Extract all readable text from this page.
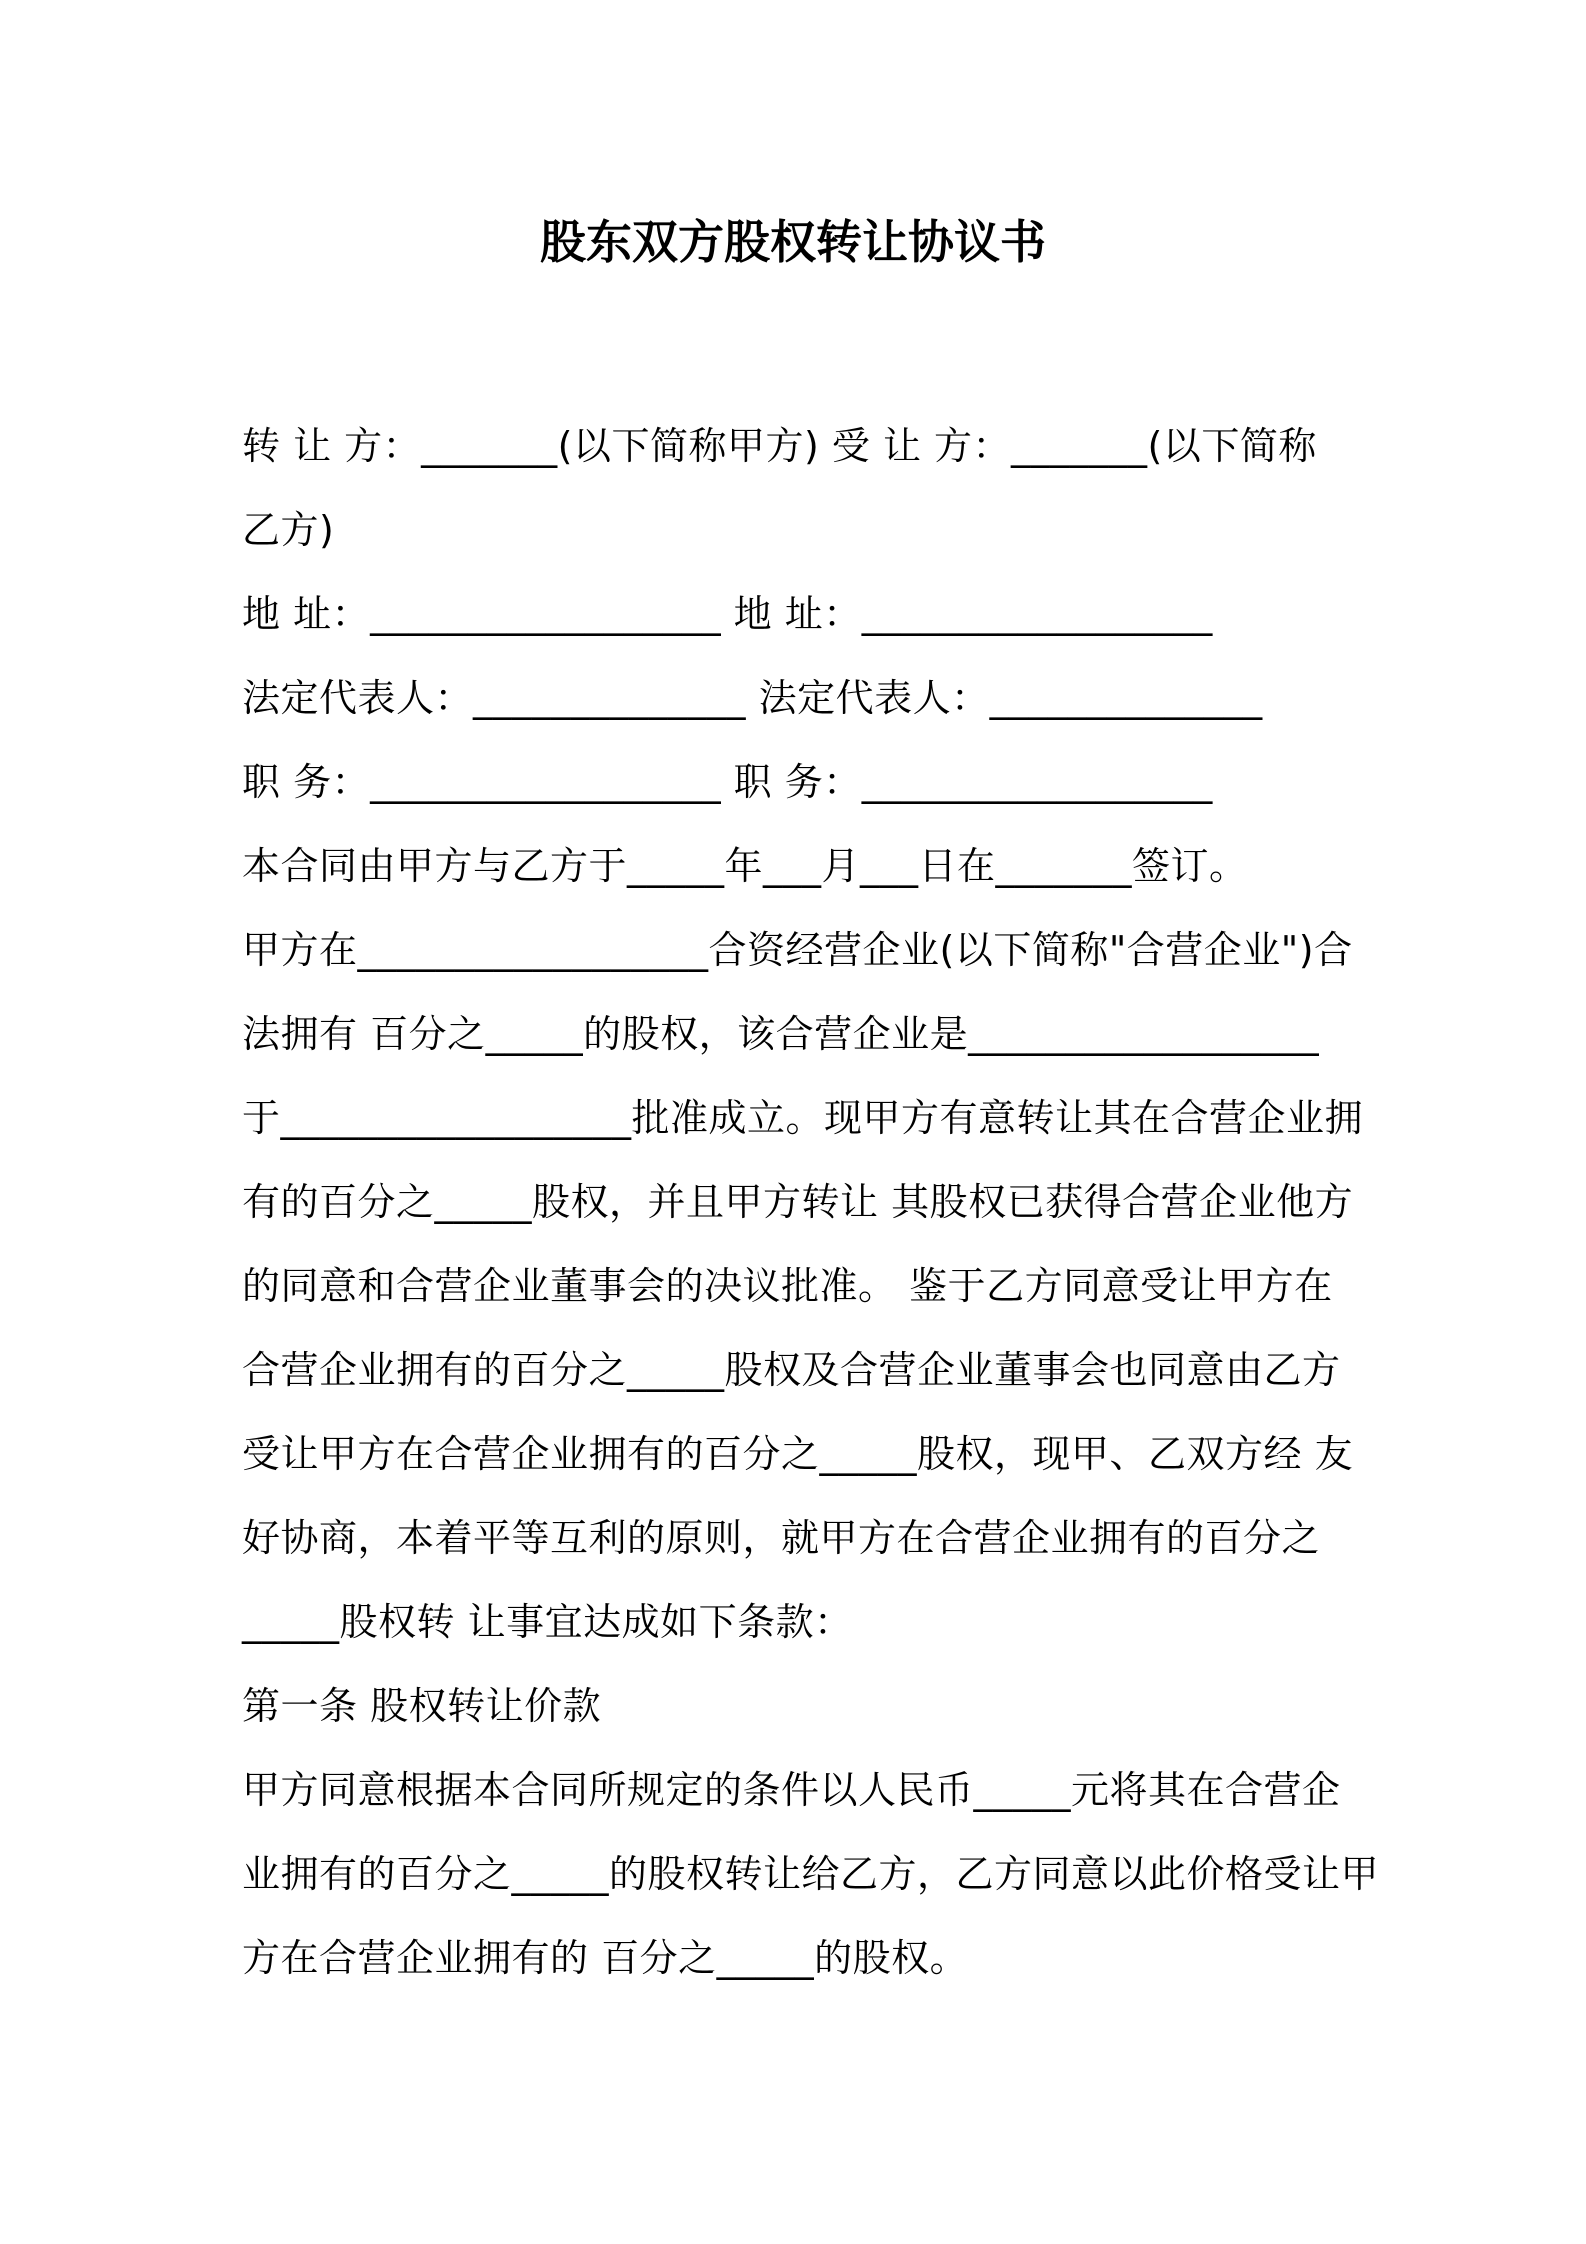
股东双方股权转让协议书
转 让 方：_______(以下简称甲方) 受 让 方：_______(以下简称
乙方)
地 址：__________________ 地 址：__________________
法定代表人：______________ 法定代表人：______________
职 务：__________________ 职 务：__________________
本合同由甲方与乙方于_____年___月___日在_______签订。
甲方在__________________合资经营企业(以下简称"合营企业")合
法拥有 百分之_____的股权，该合营企业是__________________
于__________________批准成立。现甲方有意转让其在合营企业拥
有的百分之_____股权，并且甲方转让 其股权已获得合营企业他方
的同意和合营企业董事会的决议批准。 鉴于乙方同意受让甲方在
合营企业拥有的百分之_____股权及合营企业董事会也同意由乙方
受让甲方在合营企业拥有的百分之_____股权，现甲、乙双方经 友
好协商，本着平等互利的原则，就甲方在合营企业拥有的百分之
_____股权转 让事宜达成如下条款：
第一条 股权转让价款
甲方同意根据本合同所规定的条件以人民币_____元将其在合营企
业拥有的百分之_____的股权转让给乙方，乙方同意以此价格受让甲
方在合营企业拥有的 百分之_____的股权。
